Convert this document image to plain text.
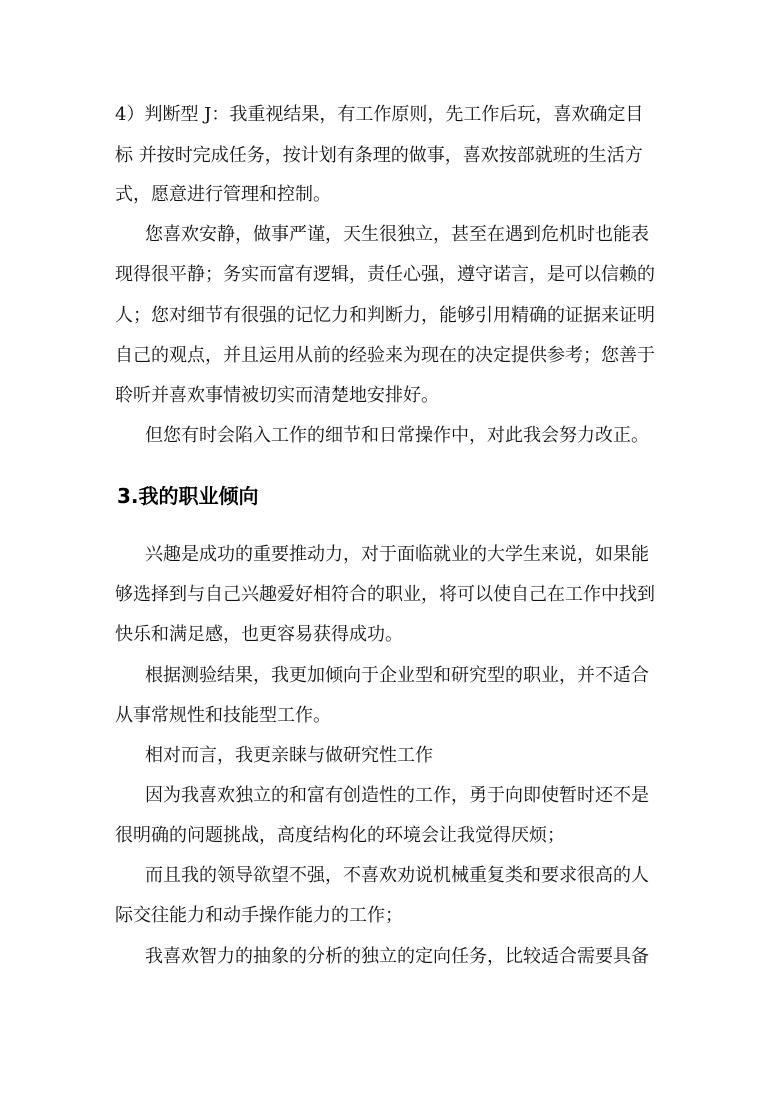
4）判断型 J：我重视结果，有工作原则，先工作后玩，喜欢确定目

标 并按时完成任务，按计划有条理的做事，喜欢按部就班的生活方

式，愿意进行管理和控制。

您喜欢安静，做事严谨，天生很独立，甚至在遇到危机时也能表

现得很平静；务实而富有逻辑，责任心强，遵守诺言，是可以信赖的

人；您对细节有很强的记忆力和判断力，能够引用精确的证据来证明

自己的观点，并且运用从前的经验来为现在的决定提供参考；您善于

聆听并喜欢事情被切实而清楚地安排好。

但您有时会陷入工作的细节和日常操作中，对此我会努力改正。

3.我的职业倾向

兴趣是成功的重要推动力，对于面临就业的大学生来说，如果能

够选择到与自己兴趣爱好相符合的职业，将可以使自己在工作中找到

快乐和满足感，也更容易获得成功。

根据测验结果，我更加倾向于企业型和研究型的职业，并不适合

从事常规性和技能型工作。

相对而言，我更亲睐与做研究性工作

因为我喜欢独立的和富有创造性的工作，勇于向即使暂时还不是

很明确的问题挑战，高度结构化的环境会让我觉得厌烦；

而且我的领导欲望不强，不喜欢劝说机械重复类和要求很高的人

际交往能力和动手操作能力的工作；

我喜欢智力的抽象的分析的独立的定向任务，比较适合需要具备
